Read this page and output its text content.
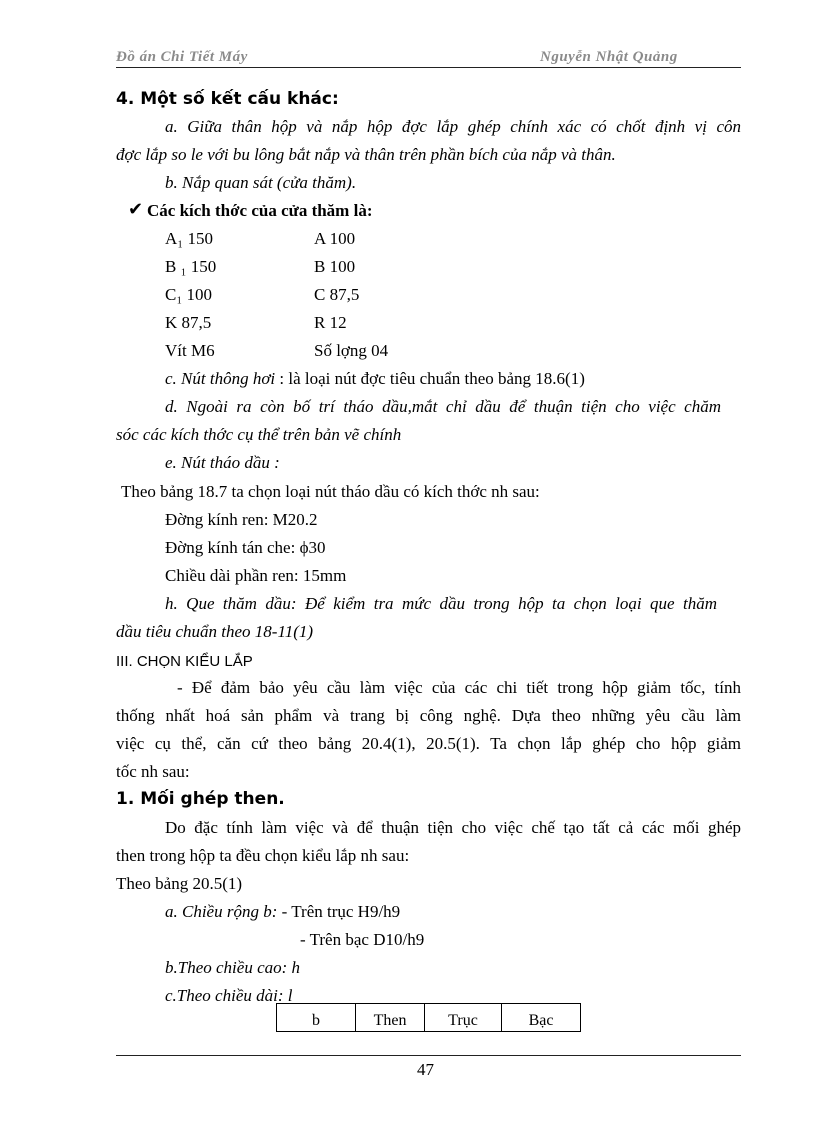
Đồ án Chi Tiết Máy	Nguyễn Nhật Quảng
4. Một số kết cấu khác:
a. Giữa thân hộp và nắp hộp đợc lắp ghép chính xác có chốt định vị côn
đợc lắp so le với bu lông bắt nắp và thân trên phần bích của nắp và thân.
b. Nắp quan sát (cửa thăm).
✔ Các kích thớc của cửa thăm là:
A₁ 150	A 100
B ₁ 150	B 100
C₁ 100	C 87,5
K 87,5	R 12
Vít M6	Số lợng 04
c. Nút thông hơi : là loại nút đợc tiêu chuẩn theo bảng 18.6(1)
d. Ngoài ra còn bố trí tháo dầu,mắt chỉ dầu để thuận tiện cho việc chăm
sóc các kích thớc cụ thể trên bản vẽ chính
e. Nút tháo dầu :
Theo bảng 18.7 ta chọn loại nút tháo dầu có kích thớc nh sau:
Đờng kính ren: M20.2
Đờng kính tán che: ϕ30
Chiều dài phần ren: 15mm
h. Que thăm dầu: Để kiểm tra mức dầu trong hộp ta chọn loại que thăm
dầu tiêu chuẩn theo 18-11(1)
III. CHỌN KIỂU LẮP
- Để đảm bảo yêu cầu làm việc của các chi tiết trong hộp giảm tốc, tính
thống nhất hoá sản phẩm và trang bị công nghệ. Dựa theo những yêu cầu làm
việc cụ thể, căn cứ theo bảng 20.4(1), 20.5(1). Ta chọn lắp ghép cho hộp giảm
tốc nh sau:
1. Mối ghép then.
Do đặc tính làm việc và để thuận tiện cho việc chế tạo tất cả các mối ghép
then trong hộp ta đều chọn kiểu lắp nh sau:
Theo bảng 20.5(1)
a. Chiều rộng b: - Trên trục H9/h9
- Trên bạc D10/h9
b.Theo chiều cao: h
c.Theo chiều dài: l
b	Then	Trục	Bạc
47
